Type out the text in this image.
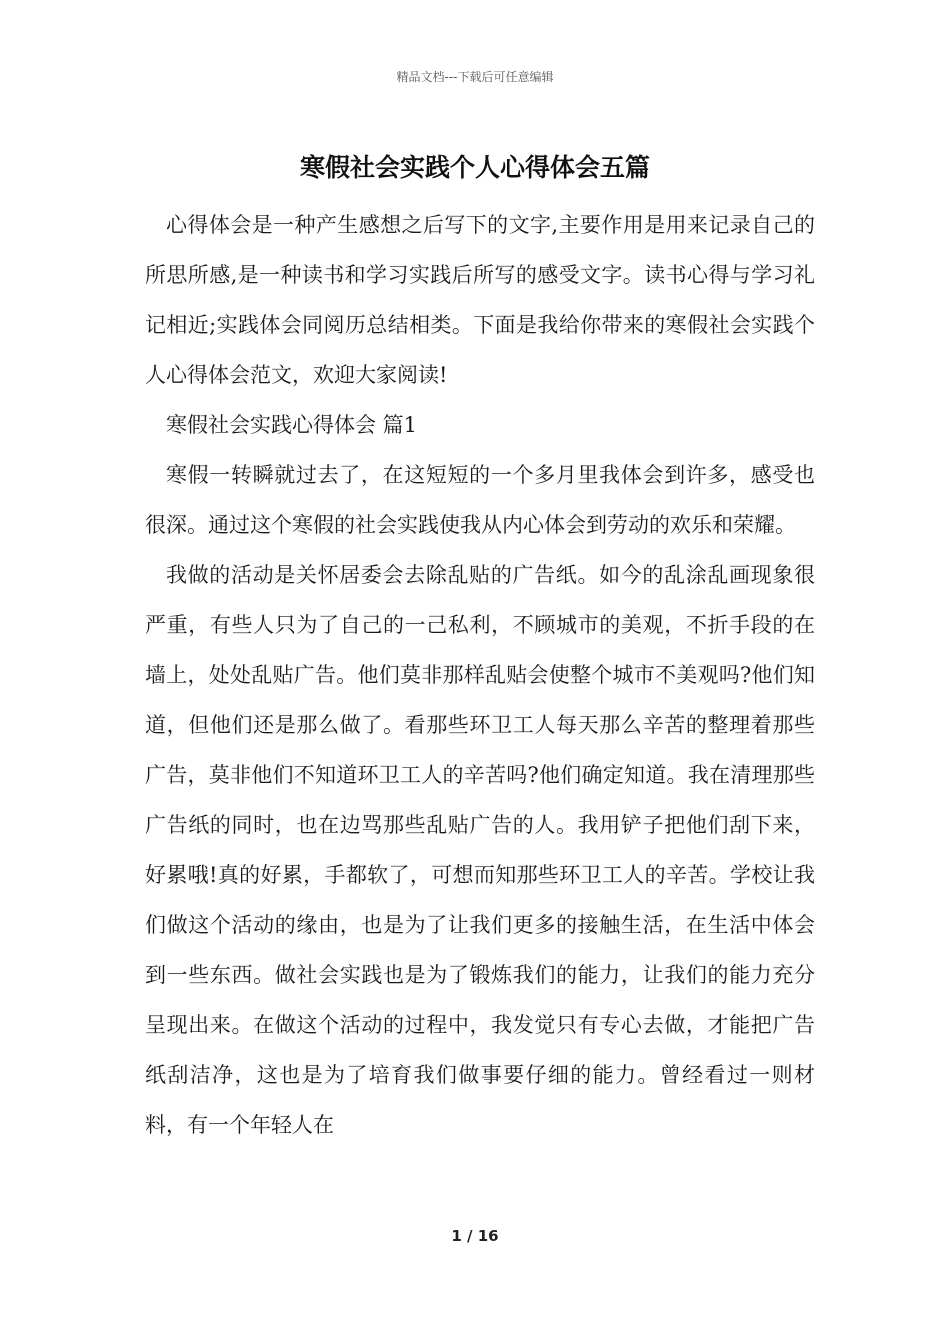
精品文档---下载后可任意编辑
寒假社会实践个人心得体会五篇

心得体会是一种产生感想之后写下的文字,主要作用是用来记录自己的所思所感,是一种读书和学习实践后所写的感受文字。读书心得与学习礼记相近;实践体会同阅历总结相类。下面是我给你带来的寒假社会实践个人心得体会范文，欢迎大家阅读!

寒假社会实践心得体会 篇1

寒假一转瞬就过去了，在这短短的一个多月里我体会到许多，感受也很深。通过这个寒假的社会实践使我从内心体会到劳动的欢乐和荣耀。

我做的活动是关怀居委会去除乱贴的广告纸。如今的乱涂乱画现象很严重，有些人只为了自己的一己私利，不顾城市的美观，不折手段的在墙上，处处乱贴广告。他们莫非那样乱贴会使整个城市不美观吗?他们知道，但他们还是那么做了。看那些环卫工人每天那么辛苦的整理着那些广告，莫非他们不知道环卫工人的辛苦吗?他们确定知道。我在清理那些广告纸的同时，也在边骂那些乱贴广告的人。我用铲子把他们刮下来，好累哦!真的好累，手都软了，可想而知那些环卫工人的辛苦。学校让我们做这个活动的缘由，也是为了让我们更多的接触生活，在生活中体会到一些东西。做社会实践也是为了锻炼我们的能力，让我们的能力充分呈现出来。在做这个活动的过程中，我发觉只有专心去做，才能把广告纸刮洁净，这也是为了培育我们做事要仔细的能力。曾经看过一则材料，有一个年轻人在

1 / 16
